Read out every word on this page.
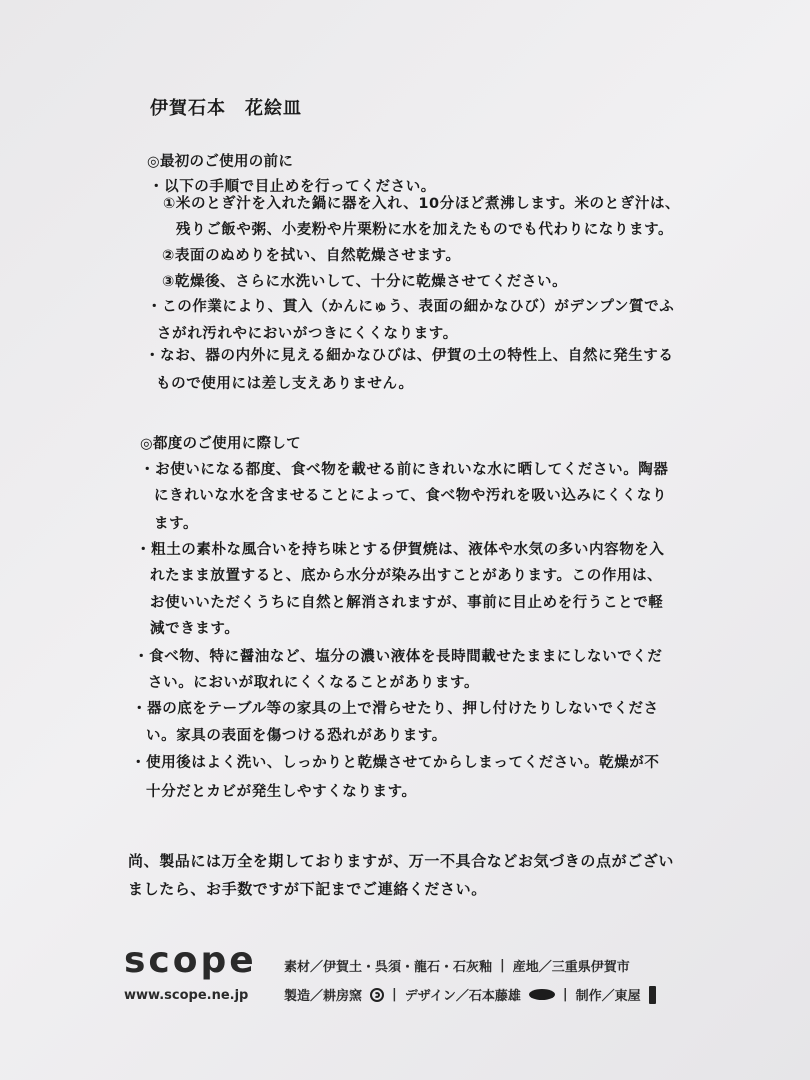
伊賀石本　花絵皿
◎最初のご使用の前に
・以下の手順で目止めを行ってください。
①米のとぎ汁を入れた鍋に器を入れ、10分ほど煮沸します。米のとぎ汁は、
残りご飯や粥、小麦粉や片栗粉に水を加えたものでも代わりになります。
②表面のぬめりを拭い、自然乾燥させます。
③乾燥後、さらに水洗いして、十分に乾燥させてください。
・この作業により、貫入（かんにゅう、表面の細かなひび）がデンプン質でふ
さがれ汚れやにおいがつきにくくなります。
・なお、器の内外に見える細かなひびは、伊賀の土の特性上、自然に発生する
もので使用には差し支えありません。
◎都度のご使用に際して
・お使いになる都度、食べ物を載せる前にきれいな水に晒してください。陶器
にきれいな水を含ませることによって、食べ物や汚れを吸い込みにくくなり
ます。
・粗土の素朴な風合いを持ち味とする伊賀焼は、液体や水気の多い内容物を入
れたまま放置すると、底から水分が染み出すことがあります。この作用は、
お使いいただくうちに自然と解消されますが、事前に目止めを行うことで軽
減できます。
・食べ物、特に醤油など、塩分の濃い液体を長時間載せたままにしないでくだ
さい。においが取れにくくなることがあります。
・器の底をテーブル等の家具の上で滑らせたり、押し付けたりしないでくださ
い。家具の表面を傷つける恐れがあります。
・使用後はよく洗い、しっかりと乾燥させてからしまってください。乾燥が不
十分だとカビが発生しやすくなります。
尚、製品には万全を期しておりますが、万一不具合などお気づきの点がござい
ましたら、お手数ですが下記までご連絡ください。
scope
www.scope.ne.jp
素材／伊賀土・呉須・龍石・石灰釉 | 産地／三重県伊賀市
製造／耕房窯 | デザイン／石本藤雄	| 制作／東屋
